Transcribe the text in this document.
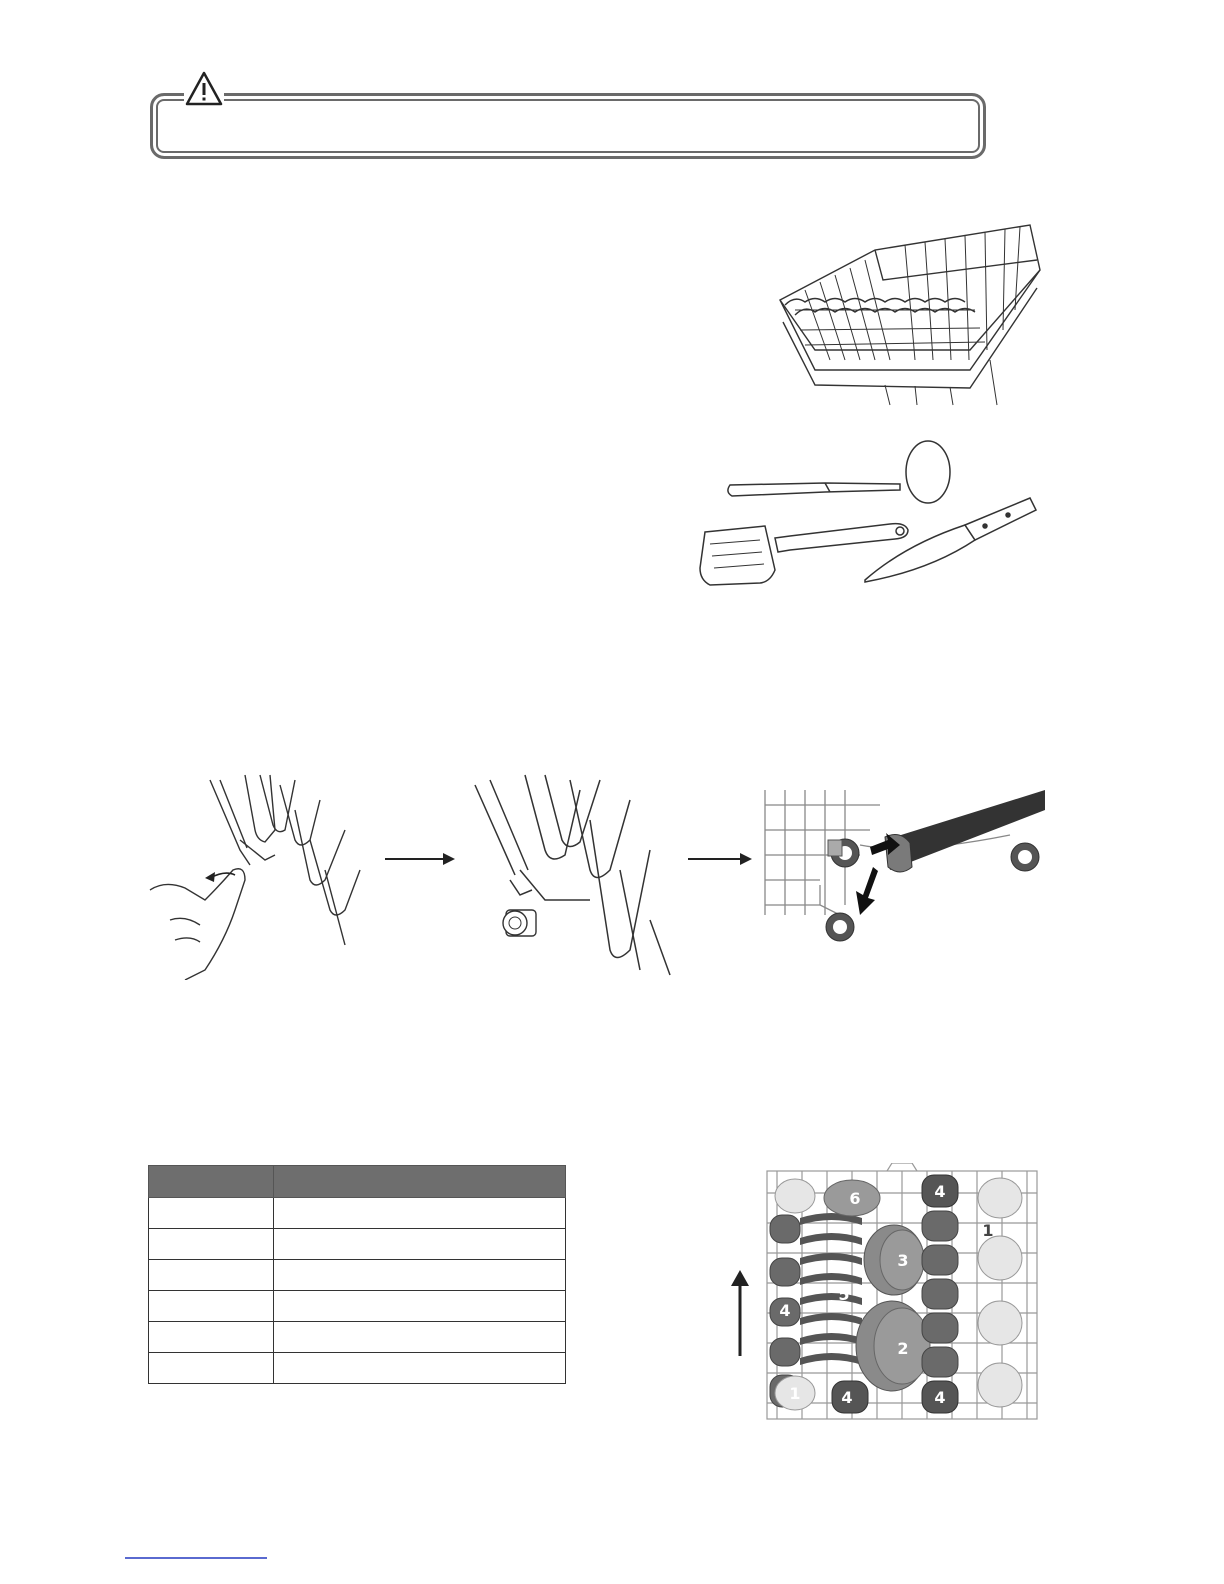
6	4
3
5
4
2
1	4	4
1
